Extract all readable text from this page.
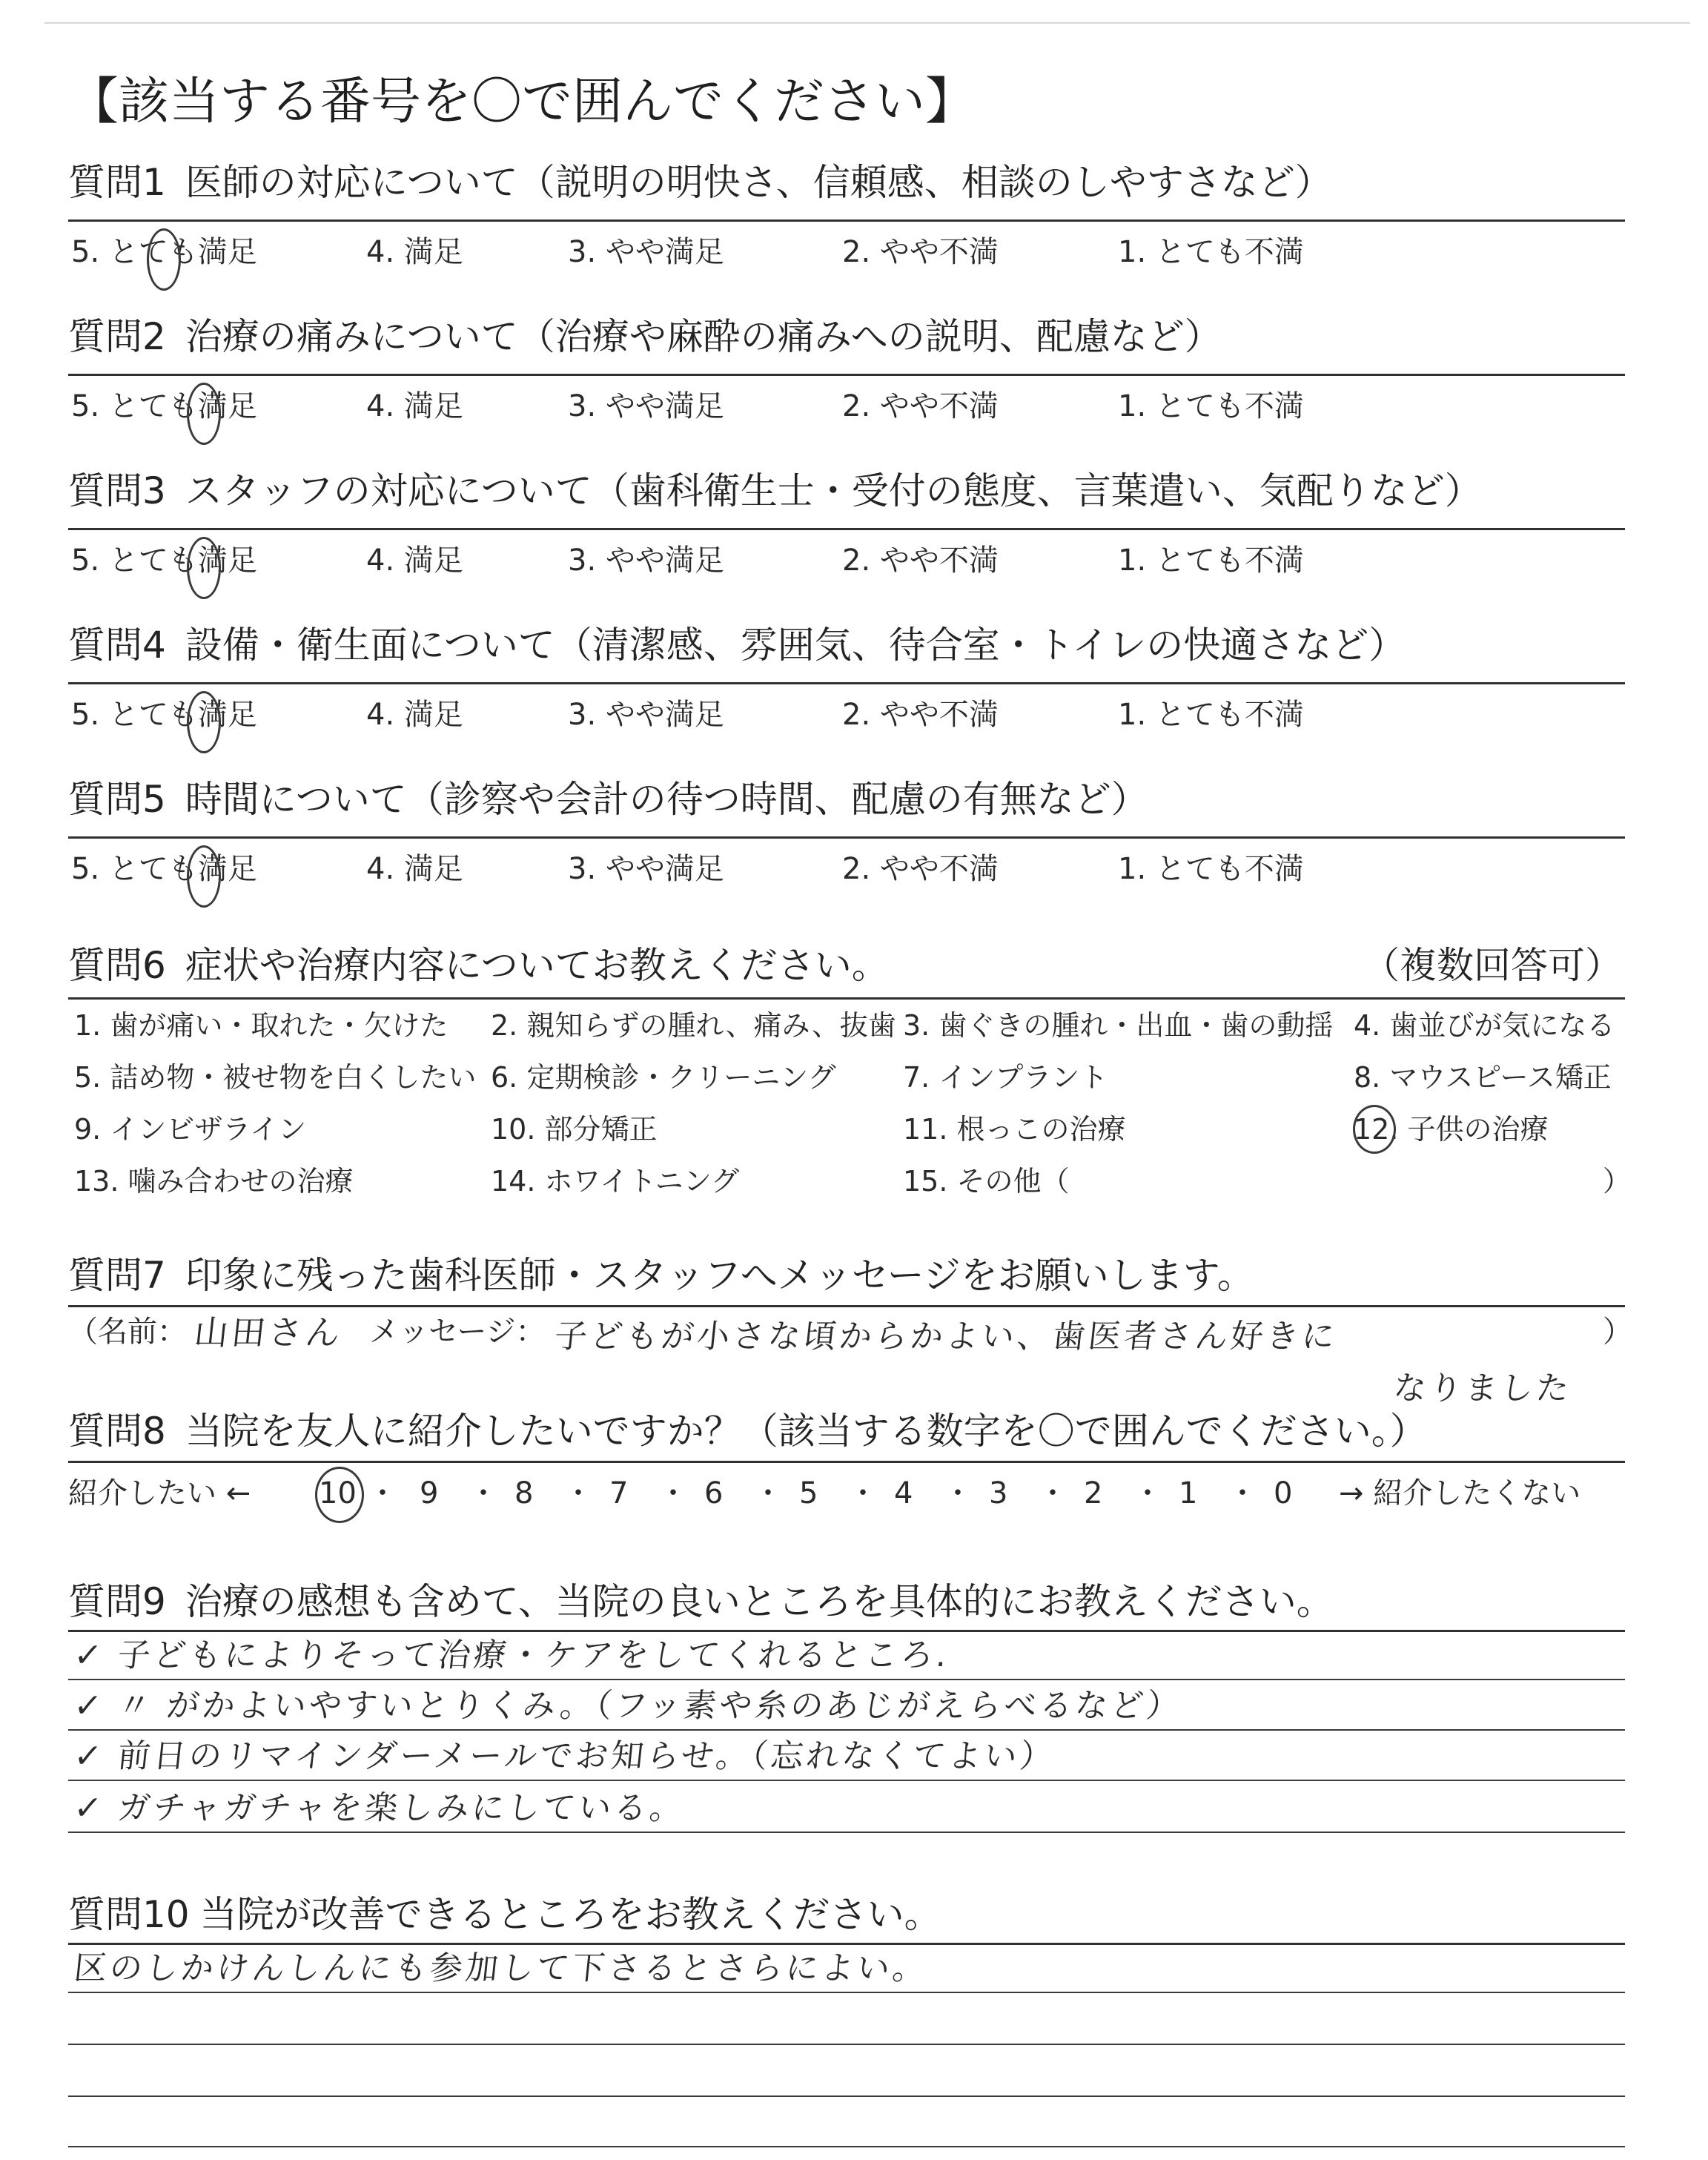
【該当する番号を〇で囲んでください】
質問1 医師の対応について（説明の明快さ、信頼感、相談のしやすさなど）
5. とても満足	4. 満足	3. やや満足	2. やや不満	1. とても不満
質問2 治療の痛みについて（治療や麻酔の痛みへの説明、配慮など）
5. とても満足	4. 満足	3. やや満足	2. やや不満	1. とても不満
質問3 スタッフの対応について（歯科衛生士・受付の態度、言葉遣い、気配りなど）
5. とても満足	4. 満足	3. やや満足	2. やや不満	1. とても不満
質問4 設備・衛生面について（清潔感、雰囲気、待合室・トイレの快適さなど）
5. とても満足	4. 満足	3. やや満足	2. やや不満	1. とても不満
質問5 時間について（診察や会計の待つ時間、配慮の有無など）
5. とても満足	4. 満足	3. やや満足	2. やや不満	1. とても不満
質問6 症状や治療内容についてお教えください。	（複数回答可）
1. 歯が痛い・取れた・欠けた 2. 親知らずの腫れ、痛み、抜歯 3. 歯ぐきの腫れ・出血・歯の動揺 4. 歯並びが気になる
5. 詰め物・被せ物を白くしたい 6. 定期検診・クリーニング 7. インプラント	8. マウスピース矯正
9. インビザライン	10. 部分矯正	11. 根っこの治療	12. 子供の治療
13. 噛み合わせの治療	14. ホワイトニング	15. その他（	）
質問7 印象に残った歯科医師・スタッフへメッセージをお願いします。
（名前： 山田さん メッセージ： 子どもが小さな頃からかよい、歯医者さん好きに
なりました
）
質問8 当院を友人に紹介したいですか？（該当する数字を〇で囲んでください。）
紹介したい ← 10 ・ 9 ・ 8 ・ 7 ・ 6 ・ 5 ・ 4 ・ 3 ・ 2 ・ 1 ・ 0 → 紹介したくない
質問9 治療の感想も含めて、当院の良いところを具体的にお教えください。
✓ 子どもによりそって治療・ケアをしてくれるところ.
✓ 〃 がかよいやすいとりくみ。（フッ素や糸のあじがえらべるなど）
✓ 前日のリマインダーメールでお知らせ。（忘れなくてよい）
✓ ガチャガチャを楽しみにしている。
質問10 当院が改善できるところをお教えください。
区のしかけんしんにも参加して下さるとさらによい。
